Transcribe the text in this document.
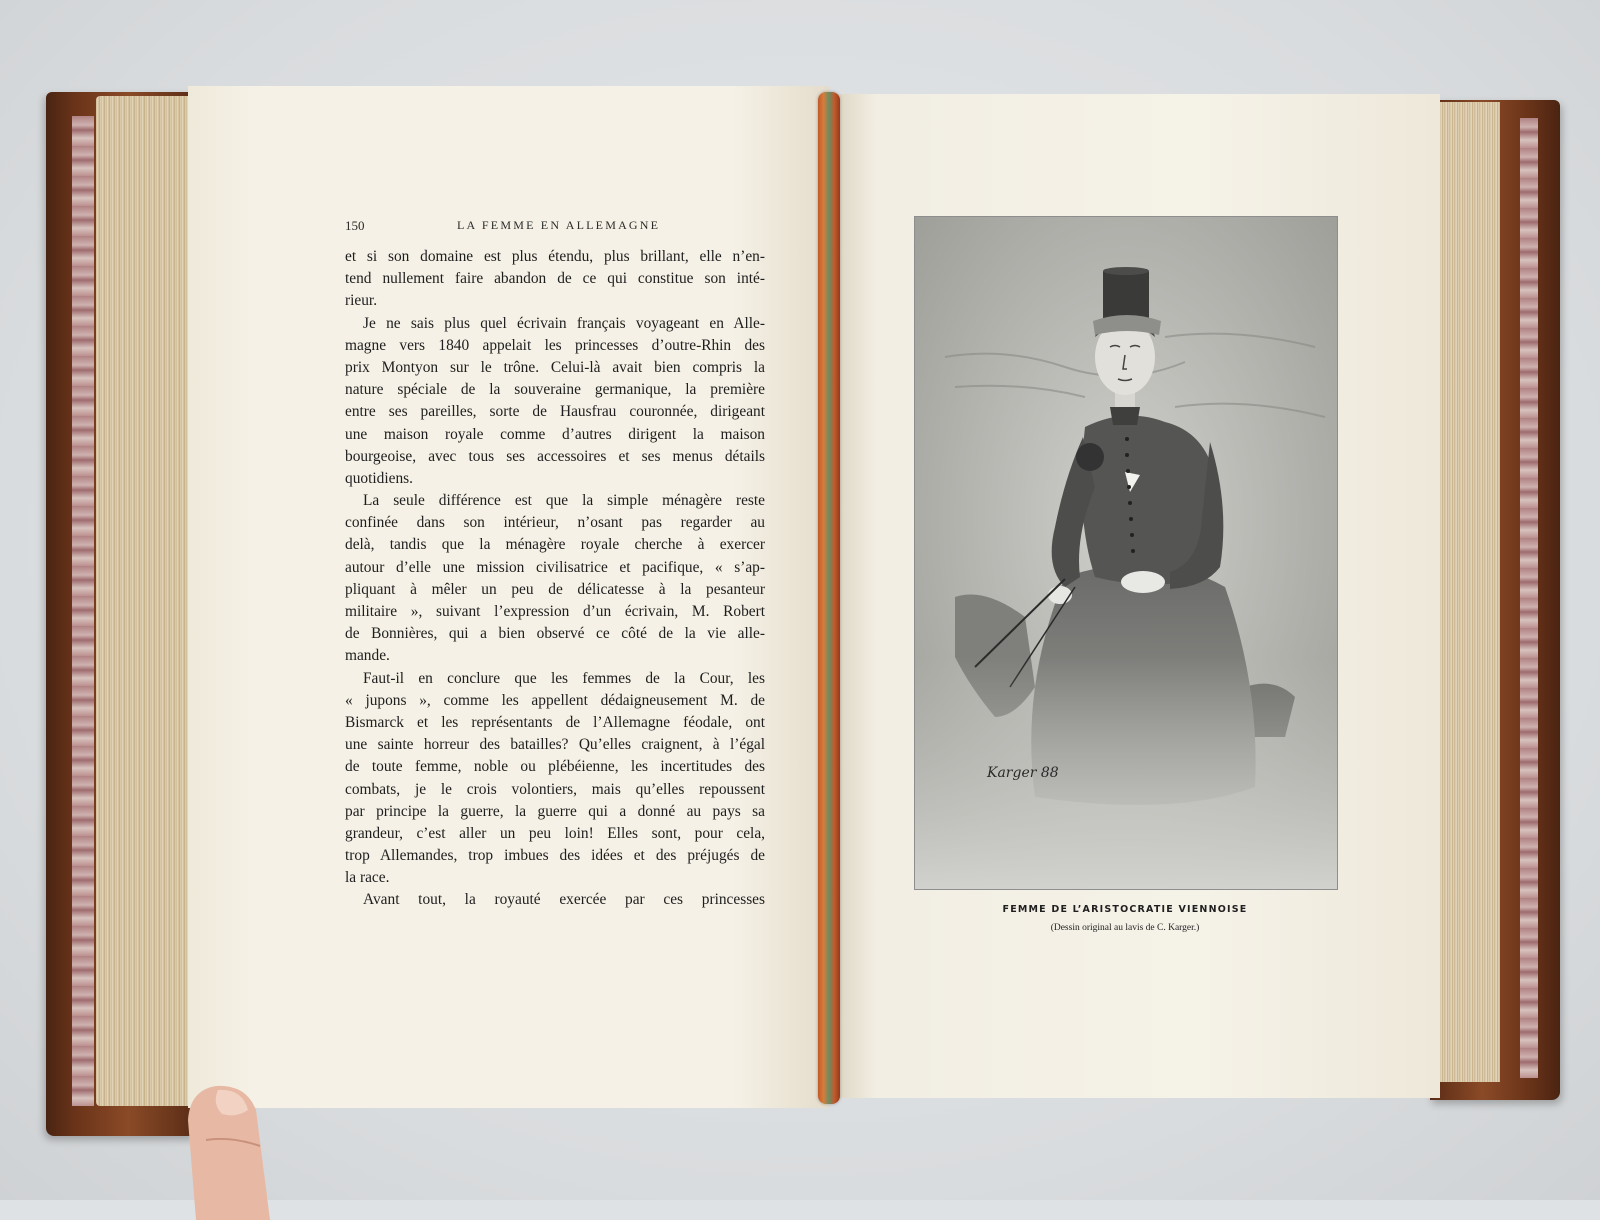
150	LA FEMME EN ALLEMAGNE
et si son domaine est plus étendu, plus brillant, elle n’en-
tend nullement faire abandon de ce qui constitue son inté-
rieur.
Je ne sais plus quel écrivain français voyageant en Alle-
magne vers 1840 appelait les princesses d’outre-Rhin des
prix Montyon sur le trône. Celui-là avait bien compris la
nature spéciale de la souveraine germanique, la première
entre ses pareilles, sorte de Hausfrau couronnée, dirigeant
une maison royale comme d’autres dirigent la maison
bourgeoise, avec tous ses accessoires et ses menus détails
quotidiens.
La seule différence est que la simple ménagère reste
confinée dans son intérieur, n’osant pas regarder au
delà, tandis que la ménagère royale cherche à exercer
autour d’elle une mission civilisatrice et pacifique, « s’ap-
pliquant à mêler un peu de délicatesse à la pesanteur
militaire », suivant l’expression d’un écrivain, M. Robert
de Bonnières, qui a bien observé ce côté de la vie alle-
mande.
Faut-il en conclure que les femmes de la Cour, les
« jupons », comme les appellent dédaigneusement M. de
Bismarck et les représentants de l’Allemagne féodale, ont
une sainte horreur des batailles? Qu’elles craignent, à l’égal
de toute femme, noble ou plébéienne, les incertitudes des
combats, je le crois volontiers, mais qu’elles repoussent
par principe la guerre, la guerre qui a donné au pays sa
grandeur, c’est aller un peu loin! Elles sont, pour cela,
trop Allemandes, trop imbues des idées et des préjugés de
la race.
Avant tout, la royauté exercée par ces princesses
Karger 88
FEMME DE L’ARISTOCRATIE VIENNOISE
(Dessin original au lavis de C. Karger.)
